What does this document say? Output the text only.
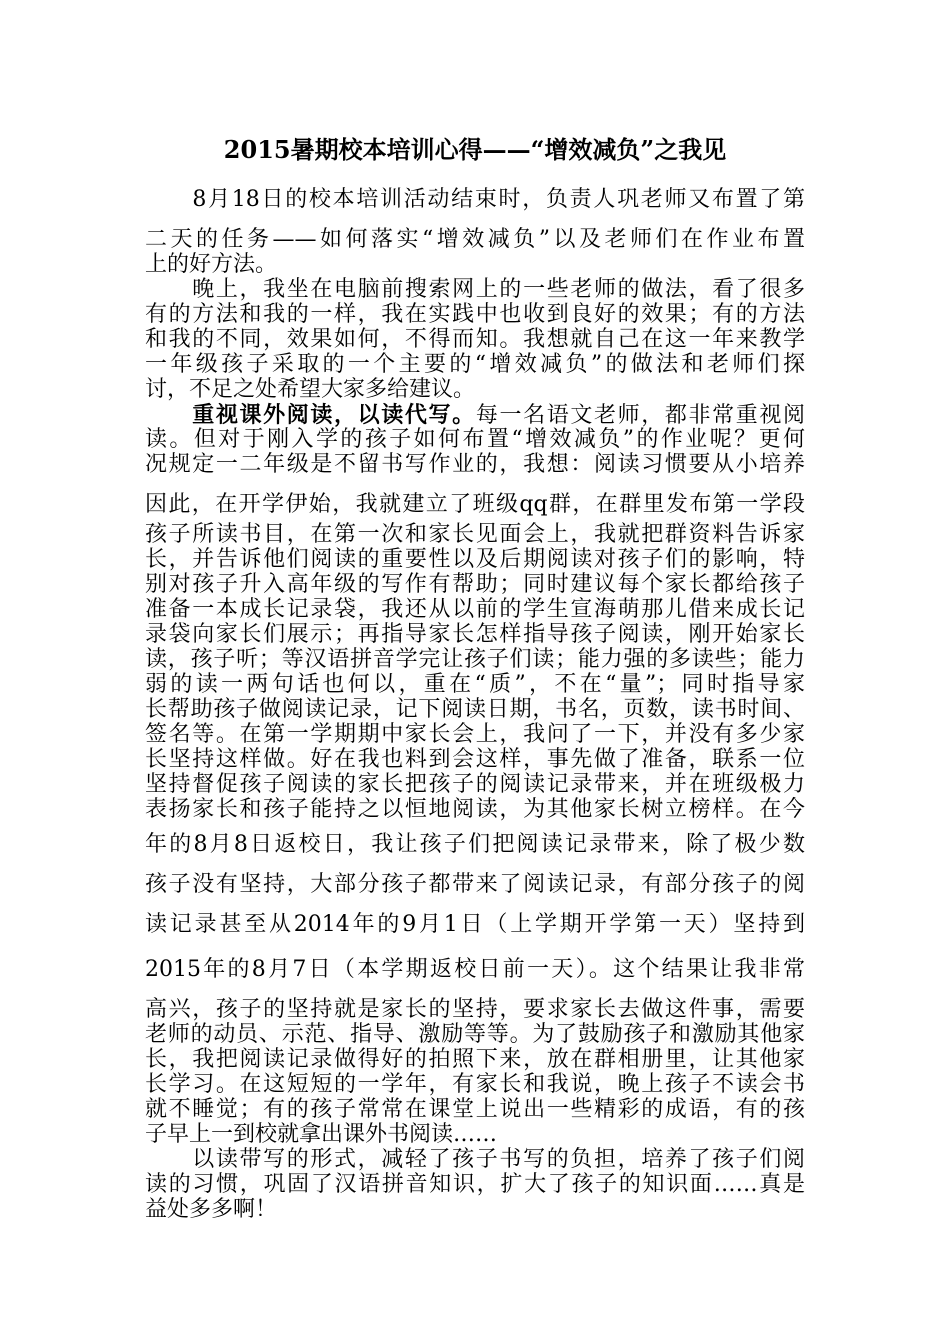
2015暑期校本培训心得——“增效减负”之我见
　　8月18日的校本培训活动结束时，负责人巩老师又布置了第
二天的任务——如何落实“增效减负”以及老师们在作业布置
上的好方法。
　　晚上，我坐在电脑前搜索网上的一些老师的做法，看了很多
有的方法和我的一样，我在实践中也收到良好的效果；有的方法
和我的不同，效果如何，不得而知。我想就自己在这一年来教学
一年级孩子采取的一个主要的“增效减负”的做法和老师们探
讨，不足之处希望大家多给建议。
　　重视课外阅读，以读代写。每一名语文老师，都非常重视阅
读。但对于刚入学的孩子如何布置“增效减负”的作业呢？更何
况规定一二年级是不留书写作业的，我想：阅读习惯要从小培养
因此，在开学伊始，我就建立了班级qq群，在群里发布第一学段
孩子所读书目，在第一次和家长见面会上，我就把群资料告诉家
长，并告诉他们阅读的重要性以及后期阅读对孩子们的影响，特
别对孩子升入高年级的写作有帮助；同时建议每个家长都给孩子
准备一本成长记录袋，我还从以前的学生宣海萌那儿借来成长记
录袋向家长们展示；再指导家长怎样指导孩子阅读，刚开始家长
读，孩子听；等汉语拼音学完让孩子们读；能力强的多读些；能力
弱的读一两句话也何以，重在“质”，不在“量”；同时指导家
长帮助孩子做阅读记录，记下阅读日期，书名，页数，读书时间、
签名等。在第一学期期中家长会上，我问了一下，并没有多少家
长坚持这样做。好在我也料到会这样，事先做了准备，联系一位
坚持督促孩子阅读的家长把孩子的阅读记录带来，并在班级极力
表扬家长和孩子能持之以恒地阅读，为其他家长树立榜样。在今
年的8月8日返校日，我让孩子们把阅读记录带来，除了极少数
孩子没有坚持，大部分孩子都带来了阅读记录，有部分孩子的阅
读记录甚至从2014年的9月1日（上学期开学第一天）坚持到
2015年的8月7日（本学期返校日前一天）。这个结果让我非常
高兴，孩子的坚持就是家长的坚持，要求家长去做这件事，需要
老师的动员、示范、指导、激励等等。为了鼓励孩子和激励其他家
长，我把阅读记录做得好的拍照下来，放在群相册里，让其他家
长学习。在这短短的一学年，有家长和我说，晚上孩子不读会书
就不睡觉；有的孩子常常在课堂上说出一些精彩的成语，有的孩
子早上一到校就拿出课外书阅读……
　　以读带写的形式，减轻了孩子书写的负担，培养了孩子们阅
读的习惯，巩固了汉语拼音知识，扩大了孩子的知识面……真是
益处多多啊！
